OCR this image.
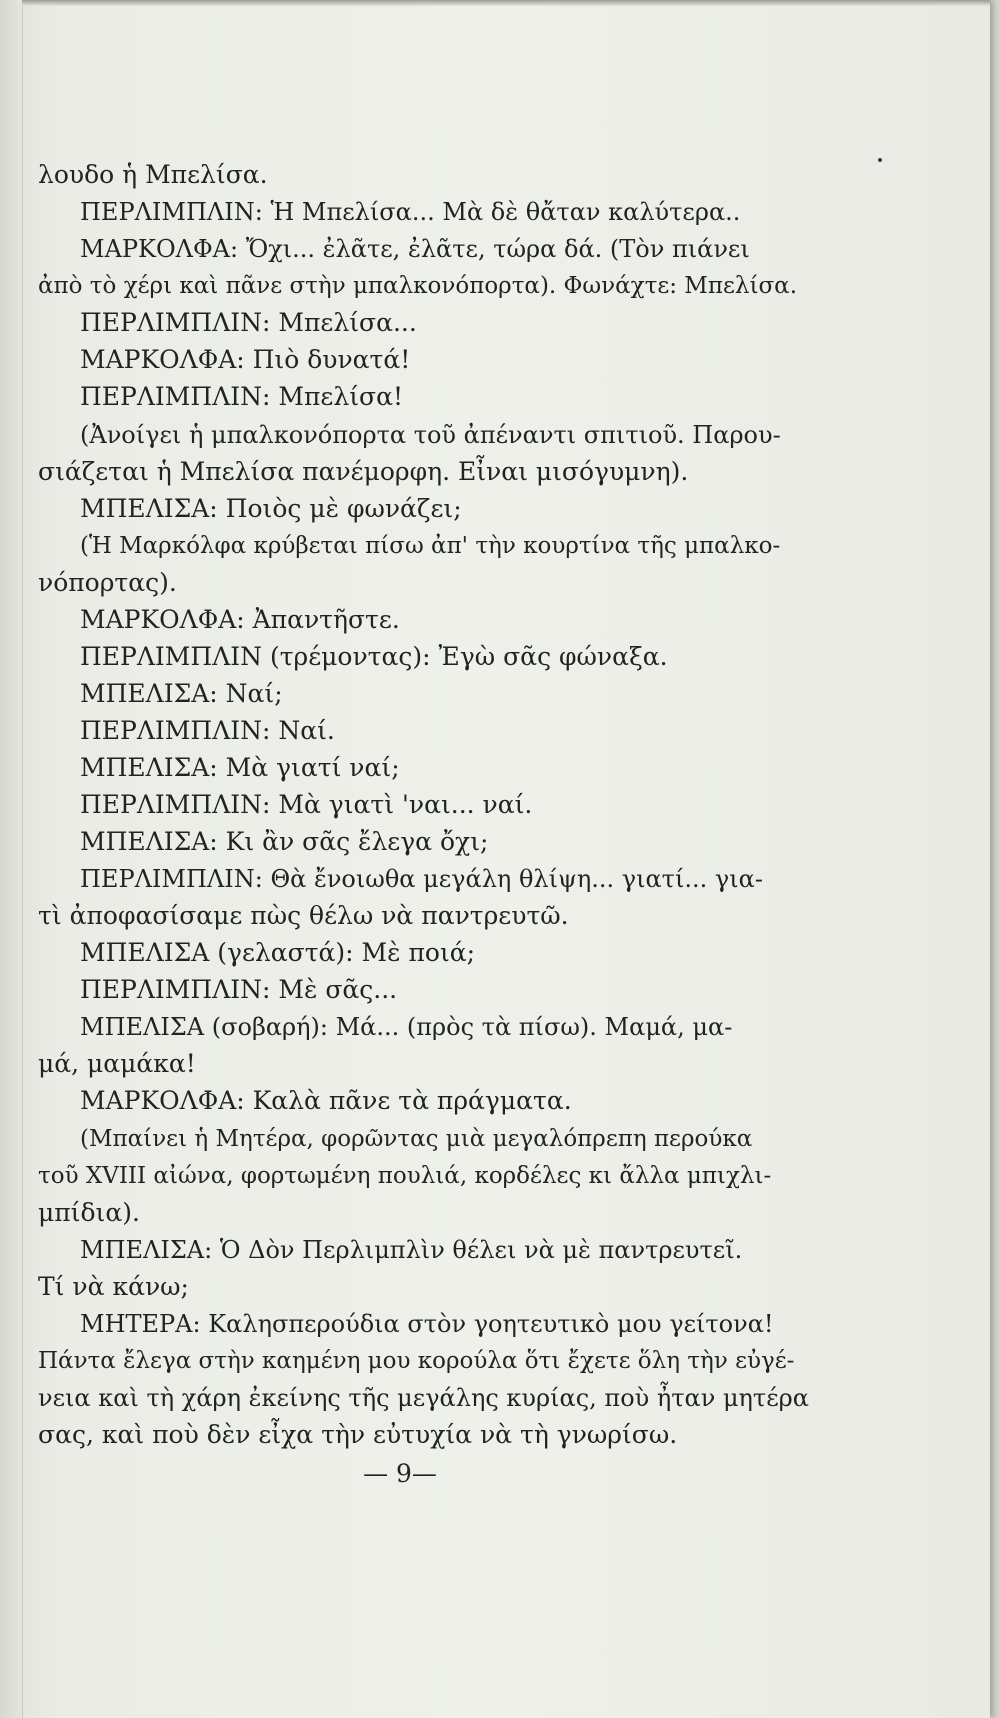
λουδο ἡ Μπελίσα.
ΠΕΡΛΙΜΠΛΙΝ: Ἡ Μπελίσα... Μὰ δὲ θἄταν καλύτερα..
ΜΑΡΚΟΛΦΑ: Ὄχι... ἐλᾶτε, ἐλᾶτε, τώρα δά. (Τὸν πιάνει
ἀπὸ τὸ χέρι καὶ πᾶνε στὴν μπαλκονόπορτα). Φωνάχτε: Μπελίσα.
ΠΕΡΛΙΜΠΛΙΝ: Μπελίσα...
ΜΑΡΚΟΛΦΑ: Πιὸ δυνατά!
ΠΕΡΛΙΜΠΛΙΝ: Μπελίσα!
(Ἀνοίγει ἡ μπαλκονόπορτα τοῦ ἀπέναντι σπιτιοῦ. Παρου-
σιάζεται ἡ Μπελίσα πανέμορφη. Εἶναι μισόγυμνη).
ΜΠΕΛΙΣΑ: Ποιὸς μὲ φωνάζει;
(Ἡ Μαρκόλφα κρύβεται πίσω ἀπ' τὴν κουρτίνα τῆς μπαλκο-
νόπορτας).
ΜΑΡΚΟΛΦΑ: Ἀπαντῆστε.
ΠΕΡΛΙΜΠΛΙΝ (τρέμοντας): Ἐγὼ σᾶς φώναξα.
ΜΠΕΛΙΣΑ: Ναί;
ΠΕΡΛΙΜΠΛΙΝ: Ναί.
ΜΠΕΛΙΣΑ: Μὰ γιατί ναί;
ΠΕΡΛΙΜΠΛΙΝ: Μὰ γιατὶ 'ναι... ναί.
ΜΠΕΛΙΣΑ: Κι ἂν σᾶς ἔλεγα ὄχι;
ΠΕΡΛΙΜΠΛΙΝ: Θὰ ἔνοιωθα μεγάλη θλίψη... γιατί... για-
τὶ ἀποφασίσαμε πὼς θέλω νὰ παντρευτῶ.
ΜΠΕΛΙΣΑ (γελαστά): Μὲ ποιά;
ΠΕΡΛΙΜΠΛΙΝ: Μὲ σᾶς...
ΜΠΕΛΙΣΑ (σοβαρή): Μά... (πρὸς τὰ πίσω). Μαμά, μα-
μά, μαμάκα!
ΜΑΡΚΟΛΦΑ: Καλὰ πᾶνε τὰ πράγματα.
(Μπαίνει ἡ Μητέρα, φορῶντας μιὰ μεγαλόπρεπη περούκα
τοῦ XVIII αἰώνα, φορτωμένη πουλιά, κορδέλες κι ἄλλα μπιχλι-
μπίδια).
ΜΠΕΛΙΣΑ: Ὁ Δὸν Περλιμπλὶν θέλει νὰ μὲ παντρευτεῖ.
Τί νὰ κάνω;
ΜΗΤΕΡΑ: Καλησπερούδια στὸν γοητευτικὸ μου γείτονα!
Πάντα ἔλεγα στὴν καημένη μου κορούλα ὅτι ἔχετε ὅλη τὴν εὐγέ-
νεια καὶ τὴ χάρη ἐκείνης τῆς μεγάλης κυρίας, ποὺ ἦταν μητέρα
σας, καὶ ποὺ δὲν εἶχα τὴν εὐτυχία νὰ τὴ γνωρίσω.
— 9—
